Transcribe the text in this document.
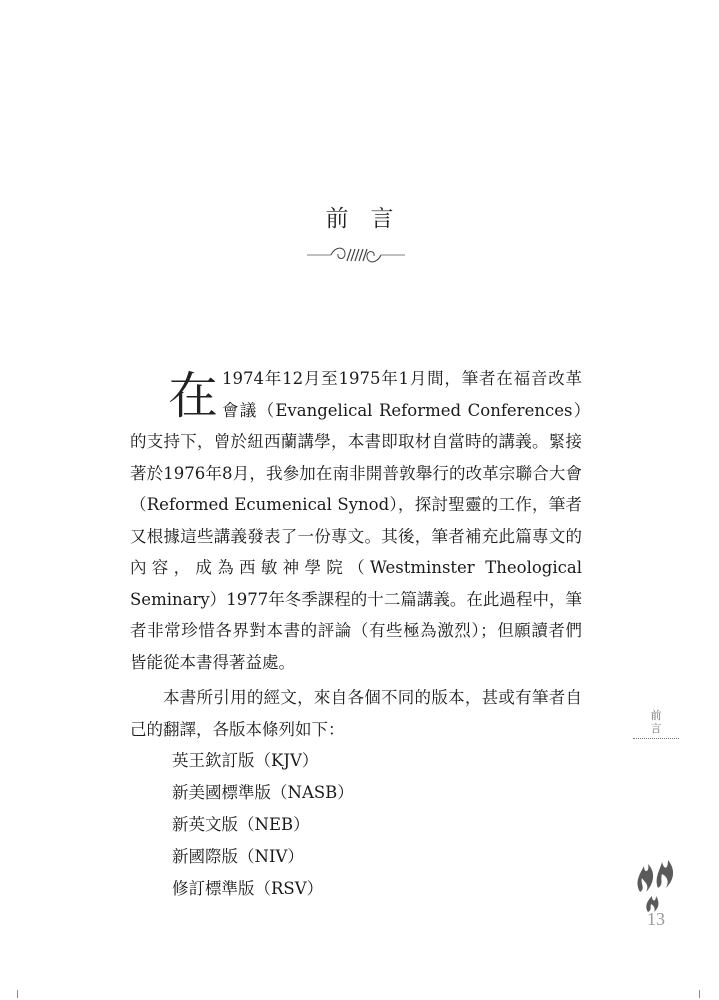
前言

在 1974年12月至1975年1月間，筆者在福音改革會議（Evangelical Reformed Conferences）的支持下，曾於紐西蘭講學，本書即取材自當時的講義。緊接著於1976年8月，我參加在南非開普敦舉行的改革宗聯合大會（Reformed Ecumenical Synod），探討聖靈的工作，筆者又根據這些講義發表了一份專文。其後，筆者補充此篇專文的內容，成為西敏神學院（Westminster Theological Seminary）1977年冬季課程的十二篇講義。在此過程中，筆者非常珍惜各界對本書的評論（有些極為激烈）；但願讀者們皆能從本書得著益處。

本書所引用的經文，來自各個不同的版本，甚或有筆者自己的翻譯，各版本條列如下：

英王欽訂版（KJV）
新美國標準版（NASB）
新英文版（NEB）
新國際版（NIV）
修訂標準版（RSV）
前
言
13
